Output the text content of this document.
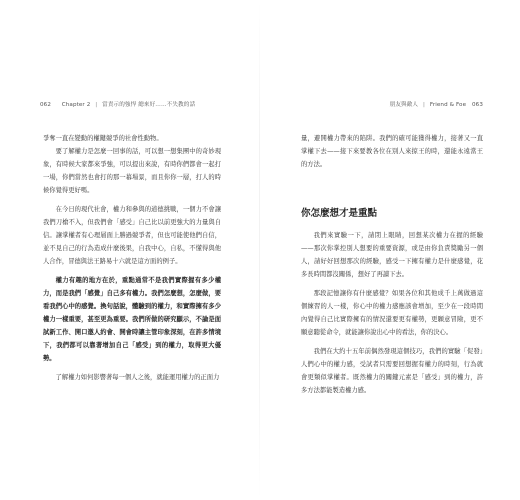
062 Chapter 2 | 當責示的強悍 總來好……不失教的話

爭奪一直在變動的權鍵競爭的社會性動物。

要了解權力是怎麼一回事的話，可以想一想集團中的奇妙現象，有時候大家都來爭強，可以提出來說，有時你們都會一起打一場，你們當然也會打的那一幕場景，而且你你一層，打人的時候你覺得更好嗎。

在今日的現代社會，權力和參與的道德挑戰，一個力不會讓我們刀槍不入，但我們會「感受」自己比以前更強大的力量與自信。讓掌權者有心理層面上勝過競爭者，但也可能使他們自信，並不見自己的行為造成什麼後果，自我中心，自私，不懂得與他人合作，冒德與法王路易十六就是這方面的例子。

權力有趣的地方在於，重點通常不是我們實際握有多少權力，而是我們「感覺」自己多有權力。我們怎麼想，怎麼做，要看我們心中的感覺。換句話說，體驗到的權力，和實際擁有多少權力一樣重要，甚至更為重要。我們所做的研究顯示，不論是面試新工作、開口邀人約會、開會時讓主管印象深刻，在許多情境下，我們都可以靠著增加自己「感受」到的權力，取得更大優勢。

了解權力如何影響著每一個人之後，就能運用權力的正面力

朋友與敵人 | Friend & Foe 063

量，避開權力帶來的陷阱。我們的確可能獲得權力，接著又一直掌權下去——接下來要教各位在別人來掠王的時，還能永遠當王的方法。

你怎麼想才是重點

我們來實驗一下，請閉上眼睛，回想某次權力在握的經驗——那次你掌控別人想要的重要資源，或是由你負責獎勵另一個人，請好好回想那次的經驗，感受一下擁有權力是什麼感覺，花多長時間都沒關係，想好了再讀下去。

那段記憶讓你有什麼感覺？如果各位和其他成千上萬做過這個練習的人一樣，你心中的權力感應該會增加，至少在一段時間內覺得自己比實際擁有的情況還要更有權勢，更願意冒險，更不願意聽從命令，就能讓你說出心中的看法，你的決心。

我們在大約十五年前偶然發現這個技巧，我們的實驗「促發」人們心中的權力感，受試者只需要回想握有權力的時刻，行為就會更類似掌權者。既然權力的關鍵元素是「感受」到的權力，許多方法都能製造權力感。
